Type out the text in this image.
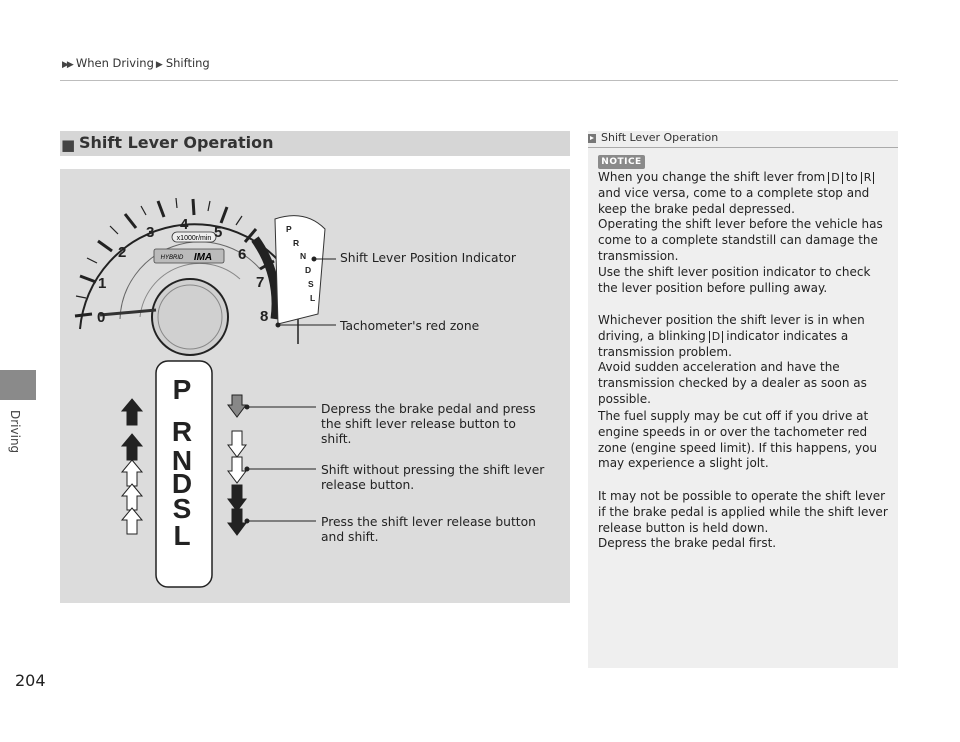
▶▶ When Driving ▶ Shifting
Driving
204
■ Shift Lever Operation
x1000r/min
HYBRID IMA
0
1
2
3 4 5
6
7
8
P
R
N
D
S
L
P
R
N
D
S
L
Shift Lever Position Indicator
Tachometer's red zone
Depress the brake pedal and press the shift lever release button to shift.
Shift without pressing the shift lever release button.
Press the shift lever release button and shift.
Shift Lever Operation
NOTICE

When you change the shift lever from D to Rand vice versa, come to a complete stop and keep the brake pedal depressed.

Operating the shift lever before the vehicle has come to a complete standstill can damage the transmission.

Use the shift lever position indicator to check the lever position before pulling away.

Whichever position the shift lever is in when driving, a blinking D indicator indicates a transmission problem.

Avoid sudden acceleration and have the transmission checked by a dealer as soon as possible.

The fuel supply may be cut off if you drive at engine speeds in or over the tachometer red zone (engine speed limit). If this happens, you may experience a slight jolt.

It may not be possible to operate the shift lever if the brake pedal is applied while the shift lever release button is held down.

Depress the brake pedal first.
